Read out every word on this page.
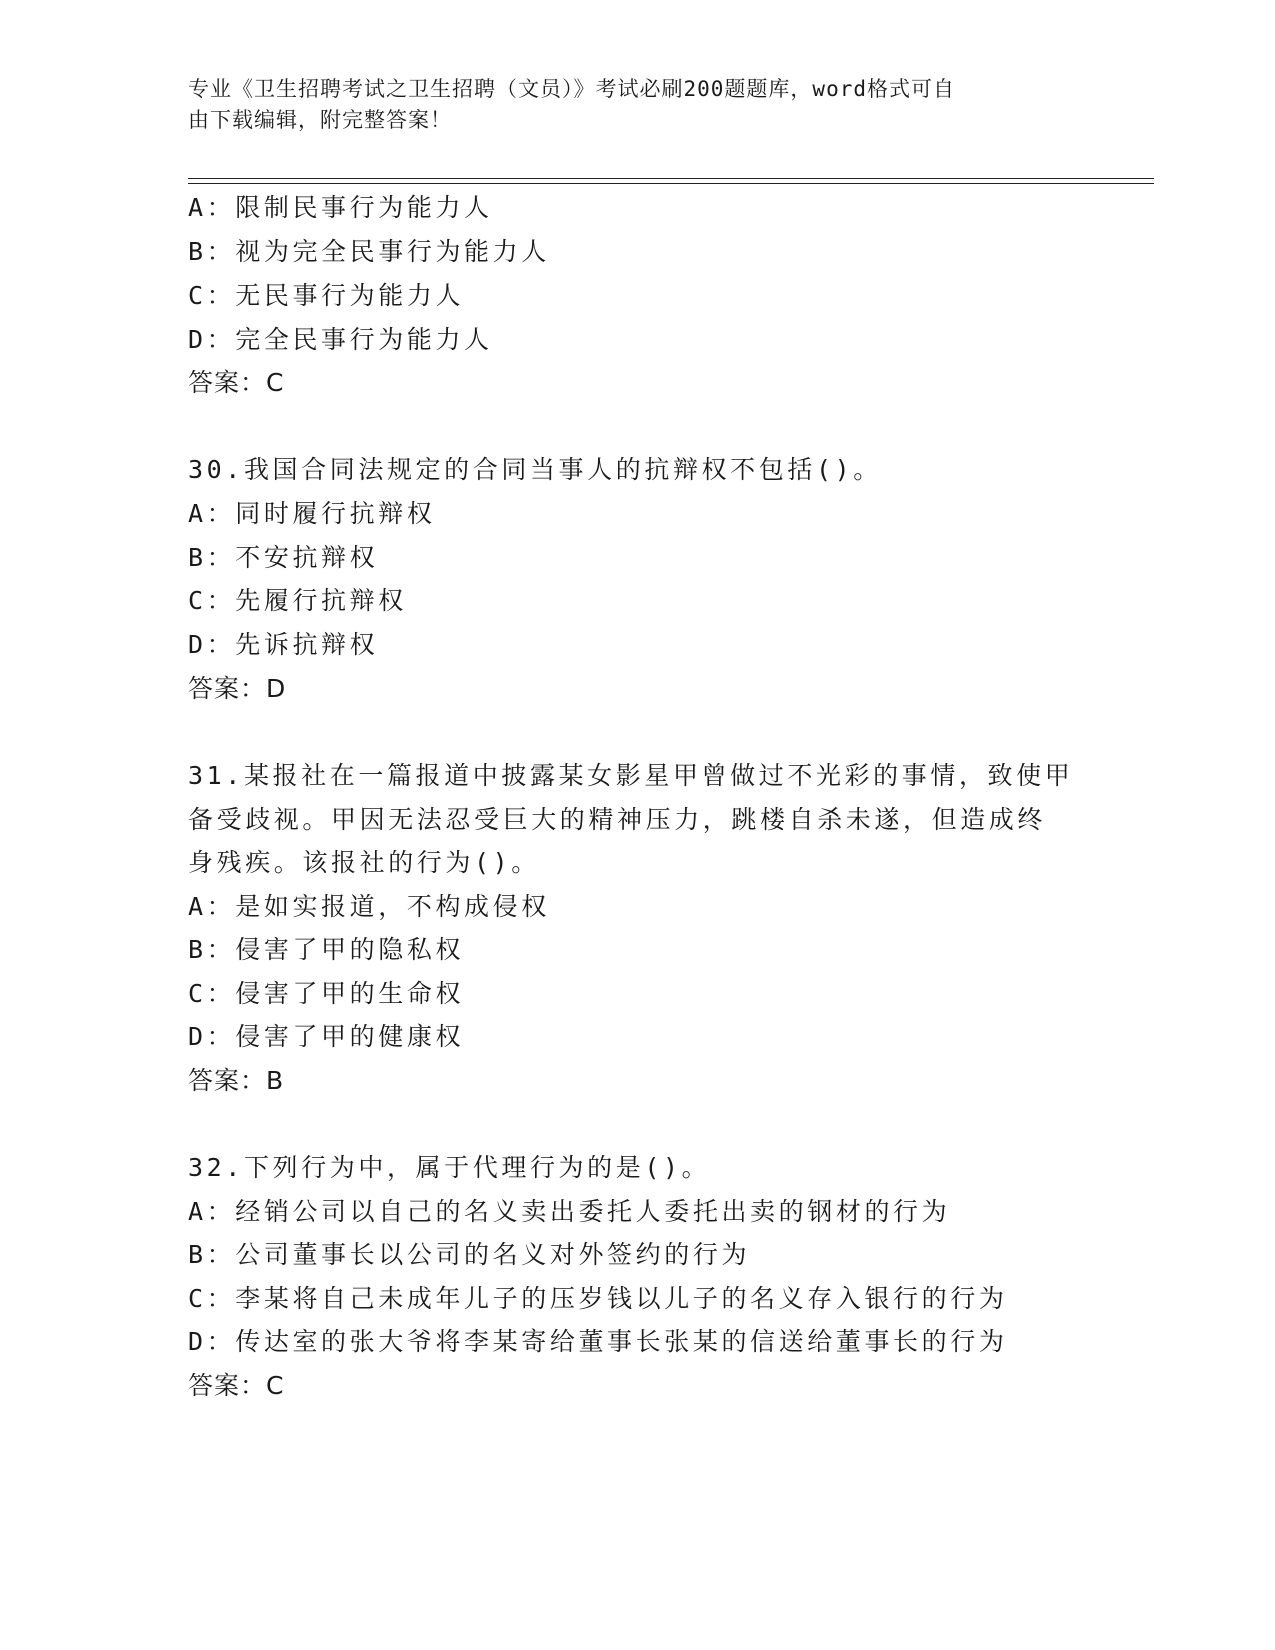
专业《卫生招聘考试之卫生招聘（文员）》考试必刷200题题库，word格式可自
由下载编辑，附完整答案！
A：限制民事行为能力人
B：视为完全民事行为能力人
C：无民事行为能力人
D：完全民事行为能力人
答案：C
30.我国合同法规定的合同当事人的抗辩权不包括()。
A：同时履行抗辩权
B：不安抗辩权
C：先履行抗辩权
D：先诉抗辩权
答案：D
31.某报社在一篇报道中披露某女影星甲曾做过不光彩的事情，致使甲
备受歧视。甲因无法忍受巨大的精神压力，跳楼自杀未遂，但造成终
身残疾。该报社的行为()。
A：是如实报道，不构成侵权
B：侵害了甲的隐私权
C：侵害了甲的生命权
D：侵害了甲的健康权
答案：B
32.下列行为中，属于代理行为的是()。
A：经销公司以自己的名义卖出委托人委托出卖的钢材的行为
B：公司董事长以公司的名义对外签约的行为
C：李某将自己未成年儿子的压岁钱以儿子的名义存入银行的行为
D：传达室的张大爷将李某寄给董事长张某的信送给董事长的行为
答案：C
